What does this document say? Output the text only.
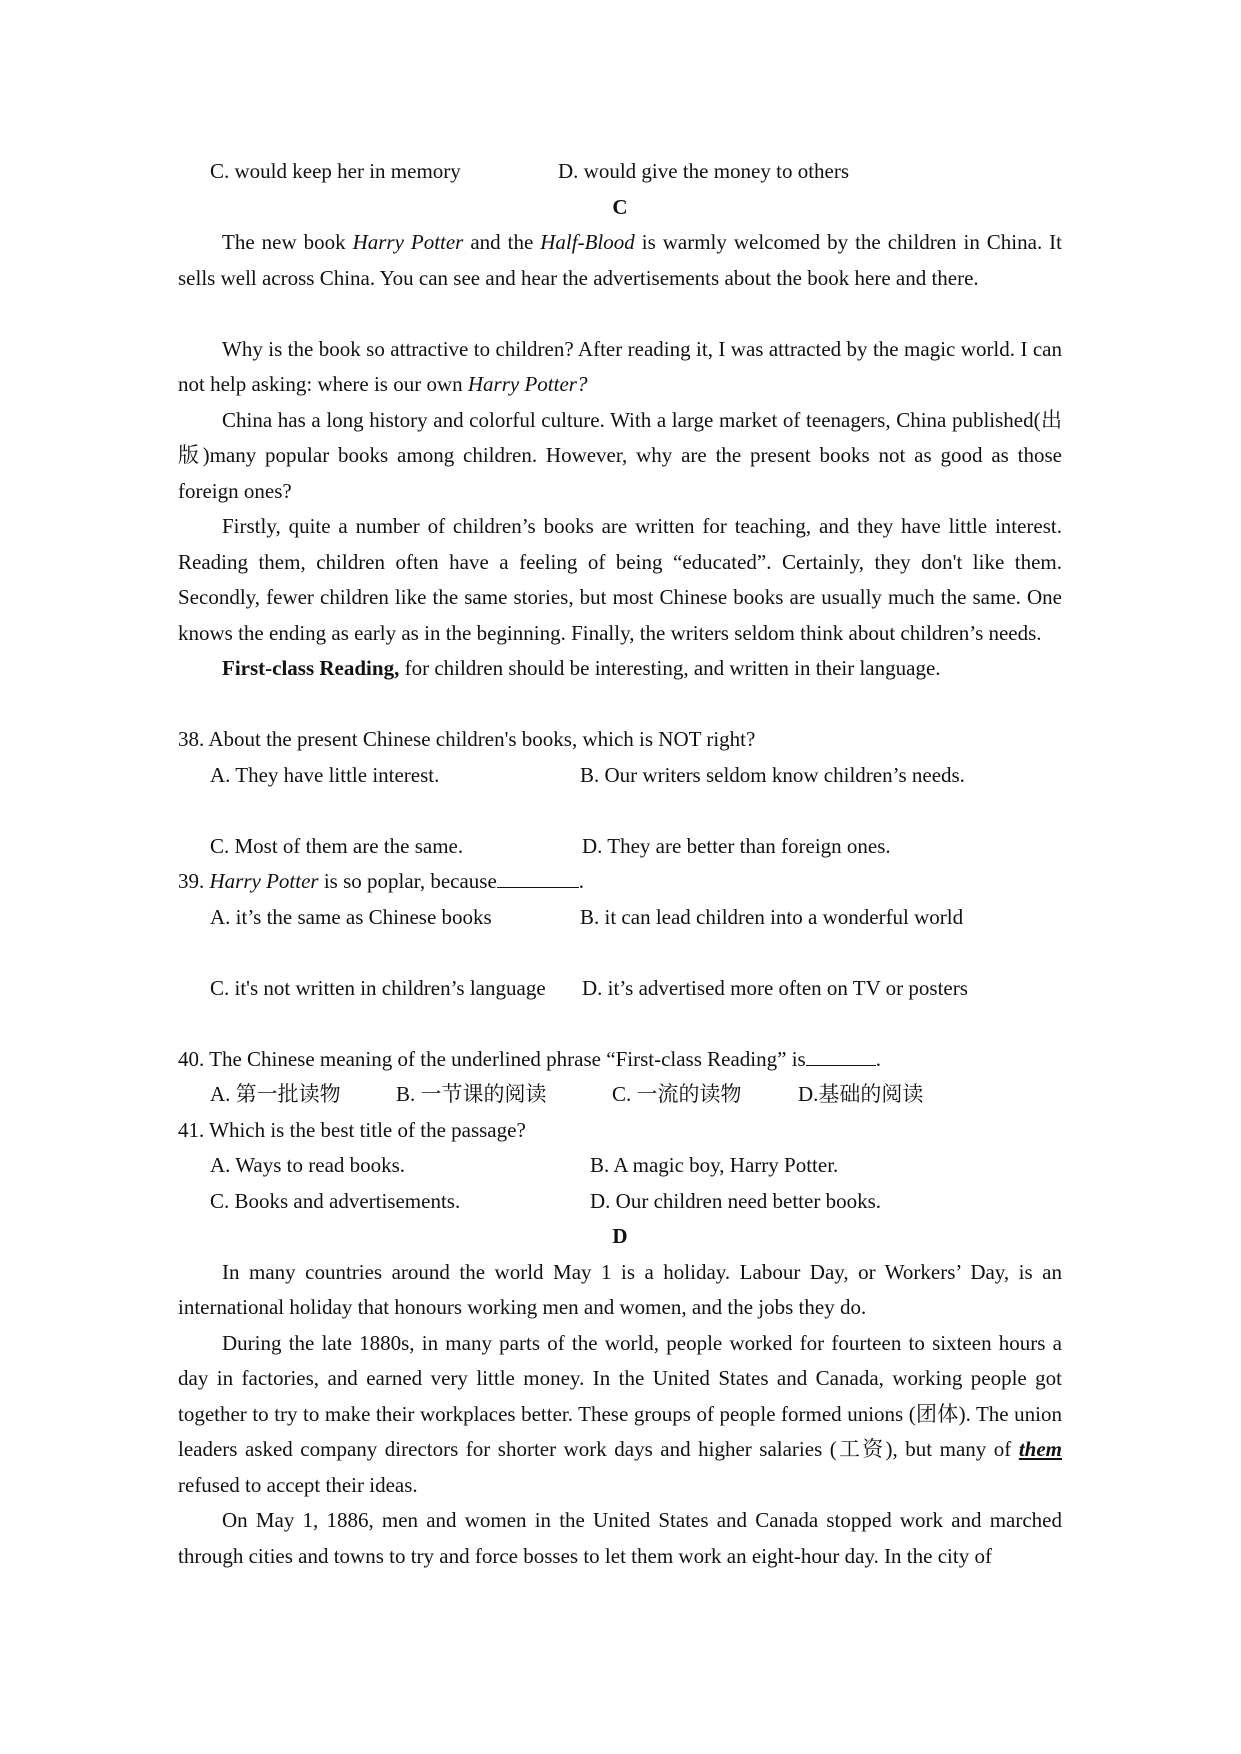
C. would keep her in memory	D. would give the money to others
C

The new book Harry Potter and the Half-Blood is warmly welcomed by the children in China. It sells well across China. You can see and hear the advertisements about the book here and there.

Why is the book so attractive to children? After reading it, I was attracted by the magic world. I can not help asking: where is our own Harry Potter?

China has a long history and colorful culture. With a large market of teenagers, China published(出版)many popular books among children. However, why are the present books not as good as those foreign ones?

Firstly, quite a number of children’s books are written for teaching, and they have little interest. Reading them, children often have a feeling of being “educated”. Certainly, they don't like them. Secondly, fewer children like the same stories, but most Chinese books are usually much the same. One knows the ending as early as in the beginning. Finally, the writers seldom think about children’s needs.

First-class Reading, for children should be interesting, and written in their language.

38. About the present Chinese children's books, which is NOT right?
A. They have little interest.	B. Our writers seldom know children’s needs.
C. Most of them are the same.	D. They are better than foreign ones.
39. Harry Potter is so poplar, because	.
A. it’s the same as Chinese books	B. it can lead children into a wonderful world
C. it's not written in children’s language D. it’s advertised more often on TV or posters
40. The Chinese meaning of the underlined phrase “First-class Reading” is	.
A. 第一批读物	B. 一节课的阅读	C. 一流的读物	D.基础的阅读
41. Which is the best title of the passage?
A. Ways to read books.	B. A magic boy, Harry Potter.
C. Books and advertisements.	D. Our children need better books.
D

In many countries around the world May 1 is a holiday. Labour Day, or Workers’ Day, is an international holiday that honours working men and women, and the jobs they do.

During the late 1880s, in many parts of the world, people worked for fourteen to sixteen hours a day in factories, and earned very little money. In the United States and Canada, working people got together to try to make their workplaces better. These groups of people formed unions (团体). The union leaders asked company directors for shorter work days and higher salaries (工资), but many of them refused to accept their ideas.

On May 1, 1886, men and women in the United States and Canada stopped work and marched through cities and towns to try and force bosses to let them work an eight-hour day. In the city of
